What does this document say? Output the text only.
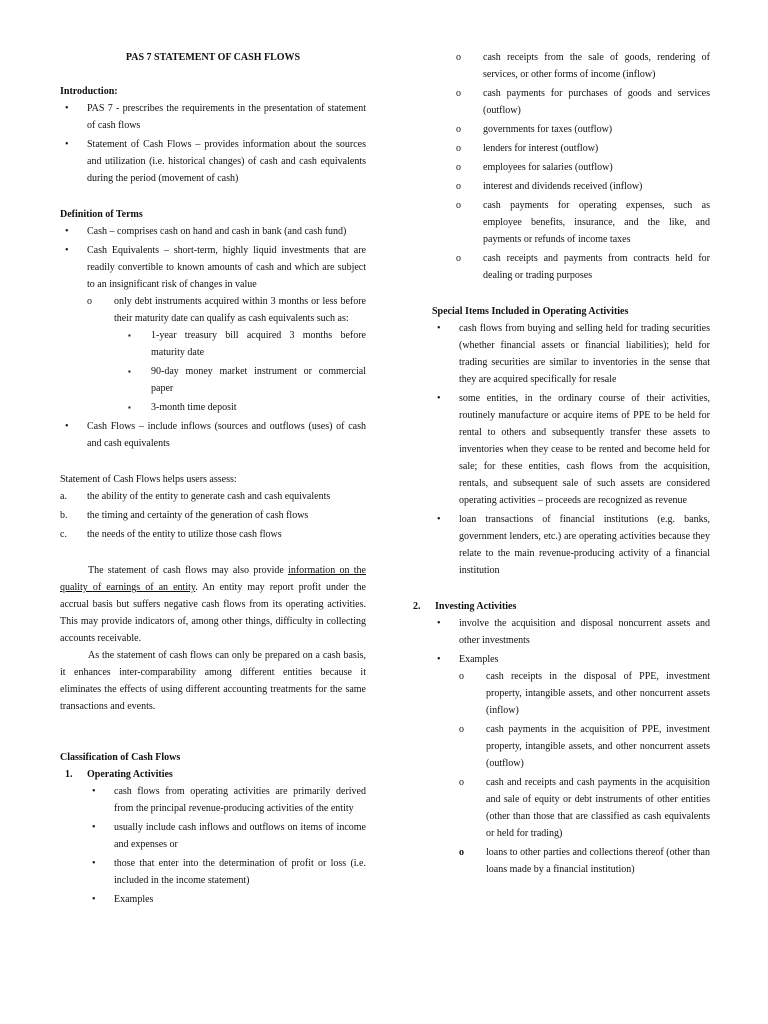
PAS 7 STATEMENT OF CASH FLOWS

Introduction:

• PAS 7 - prescribes the requirements in the presentation of statement of cash flows
• Statement of Cash Flows – provides information about the sources and utilization (i.e. historical changes) of cash and cash equivalents during the period (movement of cash)

Definition of Terms

• Cash – comprises cash on hand and cash in bank (and cash fund)
• Cash Equivalents – short-term, highly liquid investments that are readily convertible to known amounts of cash and which are subject to an insignificant risk of changes in value
o only debt instruments acquired within 3 months or less before their maturity date can qualify as cash equivalents such as:
▪ 1-year treasury bill acquired 3 months before maturity date
▪ 90-day money market instrument or commercial paper
▪ 3-month time deposit
• Cash Flows – include inflows (sources and outflows (uses) of cash and cash equivalents

Statement of Cash Flows helps users assess:

a. the ability of the entity to generate cash and cash equivalents
b. the timing and certainty of the generation of cash flows
c. the needs of the entity to utilize those cash flows

The statement of cash flows may also provide information on the quality of earnings of an entity. An entity may report profit under the accrual basis but suffers negative cash flows from its operating activities. This may provide indicators of, among other things, difficulty in collecting accounts receivable.

As the statement of cash flows can only be prepared on a cash basis, it enhances inter-comparability among different entities because it eliminates the effects of using different accounting treatments for the same transactions and events.

Classification of Cash Flows

1. Operating Activities
• cash flows from operating activities are primarily derived from the principal revenue-producing activities of the entity
• usually include cash inflows and outflows on items of income and expenses or
• those that enter into the determination of profit or loss (i.e. included in the income statement)
• Examples
o cash receipts from the sale of goods, rendering of services, or other forms of income (inflow)
o cash payments for purchases of goods and services (outflow)
o governments for taxes (outflow)
o lenders for interest (outflow)
o employees for salaries (outflow)
o interest and dividends received (inflow)
o cash payments for operating expenses, such as employee benefits, insurance, and the like, and payments or refunds of income taxes
o cash receipts and payments from contracts held for dealing or trading purposes

Special Items Included in Operating Activities

• cash flows from buying and selling held for trading securities (whether financial assets or financial liabilities); held for trading securities are similar to inventories in the sense that they are acquired specifically for resale
• some entities, in the ordinary course of their activities, routinely manufacture or acquire items of PPE to be held for rental to others and subsequently transfer these assets to inventories when they cease to be rented and become held for sale; for these entities, cash flows from the acquisition, rentals, and subsequent sale of such assets are considered operating activities – proceeds are recognized as revenue
• loan transactions of financial institutions (e.g. banks, government lenders, etc.) are operating activities because they relate to the main revenue-producing activity of a financial institution
2. Investing Activities
• involve the acquisition and disposal noncurrent assets and other investments
• Examples
o cash receipts in the disposal of PPE, investment property, intangible assets, and other noncurrent assets (inflow)
o cash payments in the acquisition of PPE, investment property, intangible assets, and other noncurrent assets (outflow)
o cash and receipts and cash payments in the acquisition and sale of equity or debt instruments of other entities (other than those that are classified as cash equivalents or held for trading)
o loans to other parties and collections thereof (other than loans made by a financial institution)
